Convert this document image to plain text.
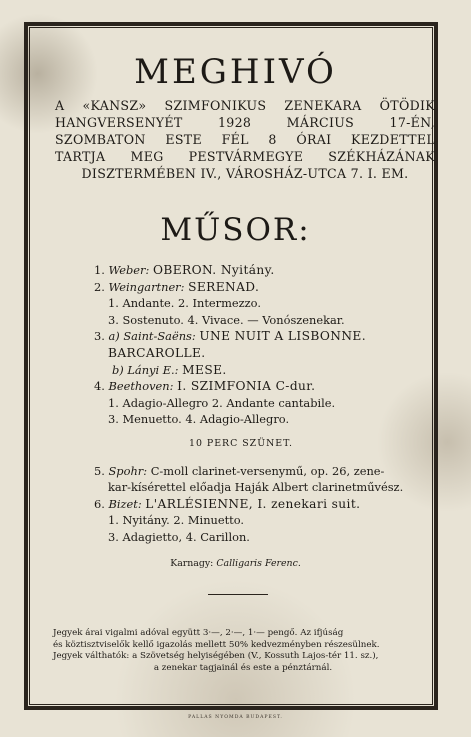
MEGHIVÓ
A «KANSZ» SZIMFONIKUS ZENEKARA ÖTÖDIK
HANGVERSENYÉT 1928 MÁRCIUS 17-ÉN,
SZOMBATON ESTE FÉL 8 ÓRAI KEZDETTEL
TARTJA MEG PESTVÁRMEGYE SZÉKHÁZÁNAK
DISZTERMÉBEN IV., VÁROSHÁZ-UTCA 7. I. EM.
MŰSOR:
1. Weber: OBERON. Nyitány.
2. Weingartner: SERENAD.
1. Andante. 2. Intermezzo.
3. Sostenuto. 4. Vivace. — Vonószenekar.
3. a) Saint-Saëns: UNE NUIT A LISBONNE.
BARCAROLLE.
b) Lányi E.: MESE.
4. Beethoven: I. SZIMFONIA C-dur.
1. Adagio-Allegro 2. Andante cantabile.
3. Menuetto. 4. Adagio-Allegro.
10 PERC SZÜNET.
5. Spohr: C-moll clarinet-versenymű, op. 26, zene-
kar-kísérettel előadja Haják Albert clarinetművész.
6. Bizet: L'ARLÉSIENNE, I. zenekari suit.
1. Nyitány. 2. Minuetto.
3. Adagietto, 4. Carillon.
Karnagy: Calligaris Ferenc.
Jegyek árai vigalmi adóval együtt 3·—, 2·—, 1·— pengő. Az ifjúság
és köztisztviselők kellő igazolás mellett 50% kedvezményben részesülnek.
Jegyek válthatók: a Szövetség helyiségében (V., Kossuth Lajos-tér 11. sz.),
a zenekar tagjainál és este a pénztárnál.
PALLAS NYOMDA BUDAPEST.
